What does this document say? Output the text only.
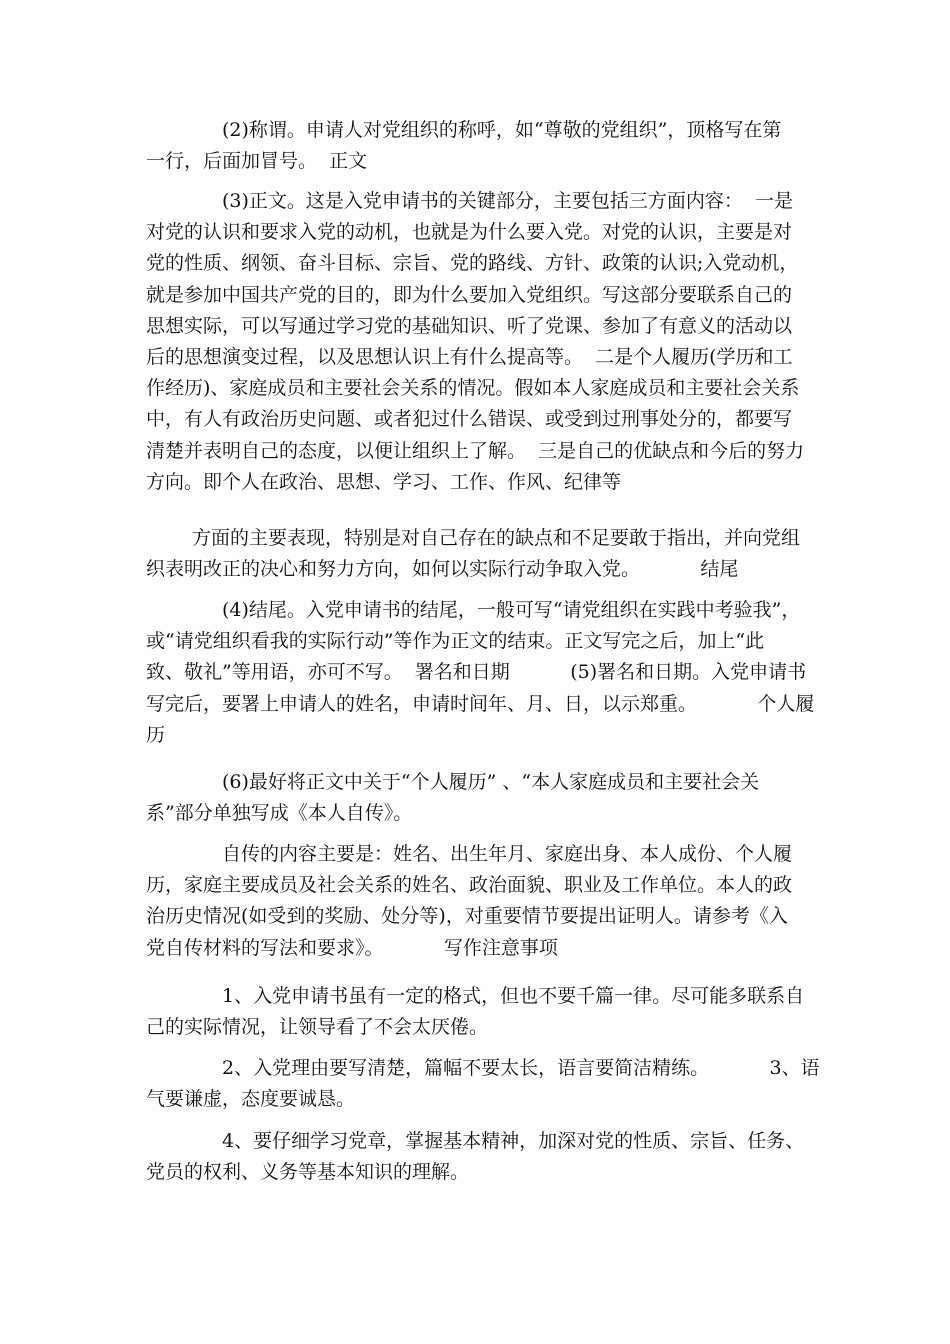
(2)称谓。申请人对党组织的称呼，如“尊敬的党组织”，顶格写在第
一行，后面加冒号。  正文
(3)正文。这是入党申请书的关键部分，主要包括三方面内容：  一是
对党的认识和要求入党的动机，也就是为什么要入党。对党的认识，主要是对
党的性质、纲领、奋斗目标、宗旨、党的路线、方针、政策的认识;入党动机，
就是参加中国共产党的目的，即为什么要加入党组织。写这部分要联系自己的
思想实际，可以写通过学习党的基础知识、听了党课、参加了有意义的活动以
后的思想演变过程，以及思想认识上有什么提高等。  二是个人履历(学历和工
作经历)、家庭成员和主要社会关系的情况。假如本人家庭成员和主要社会关系
中，有人有政治历史问题、或者犯过什么错误、或受到过刑事处分的，都要写
清楚并表明自己的态度，以便让组织上了解。  三是自己的优缺点和今后的努力
方向。即个人在政治、思想、学习、工作、作风、纪律等
方面的主要表现，特别是对自己存在的缺点和不足要敢于指出，并向党组
织表明改正的决心和努力方向，如何以实际行动争取入党。          结尾
(4)结尾。入党申请书的结尾，一般可写“请党组织在实践中考验我”，
或“请党组织看我的实际行动”等作为正文的结束。正文写完之后，加上“此
致、敬礼”等用语，亦可不写。  署名和日期          (5)署名和日期。入党申请书
写完后，要署上申请人的姓名，申请时间年、月、日，以示郑重。          个人履
历
(6)最好将正文中关于“个人履历” 、“本人家庭成员和主要社会关
系”部分单独写成《本人自传》。
自传的内容主要是：姓名、出生年月、家庭出身、本人成份、个人履
历，家庭主要成员及社会关系的姓名、政治面貌、职业及工作单位。本人的政
治历史情况(如受到的奖励、处分等)，对重要情节要提出证明人。请参考《入
党自传材料的写法和要求》。          写作注意事项
1、入党申请书虽有一定的格式，但也不要千篇一律。尽可能多联系自
己的实际情况，让领导看了不会太厌倦。
2、入党理由要写清楚，篇幅不要太长，语言要简洁精练。          3、语
气要谦虚，态度要诚恳。
4、要仔细学习党章，掌握基本精神，加深对党的性质、宗旨、任务、
党员的权利、义务等基本知识的理解。
